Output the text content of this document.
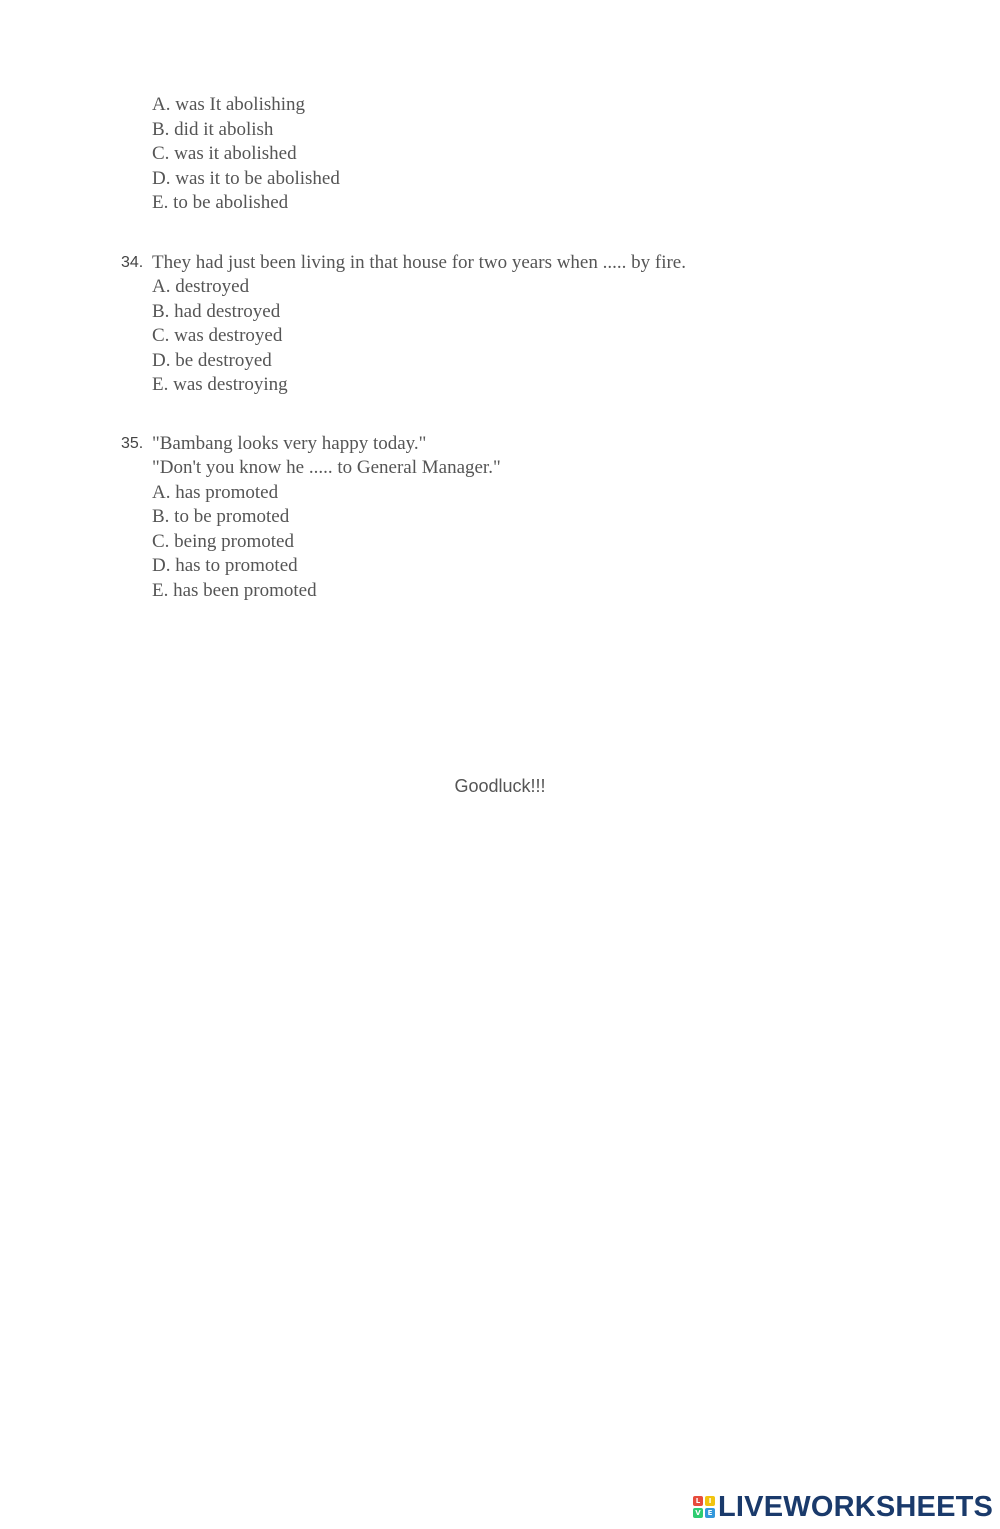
A. was It abolishing
B. did it abolish
C. was it abolished
D. was it to be abolished
E. to be abolished
34. They had just been living in that house for two years when ..... by fire.
A. destroyed
B. had destroyed
C. was destroyed
D. be destroyed
E. was destroying
35. "Bambang looks very happy today."
"Don't you know he ..... to General Manager."
A. has promoted
B. to be promoted
C. being promoted
D. has to promoted
E. has been promoted
Goodluck!!!
L	I
V E LIVEWORKSHEETS
